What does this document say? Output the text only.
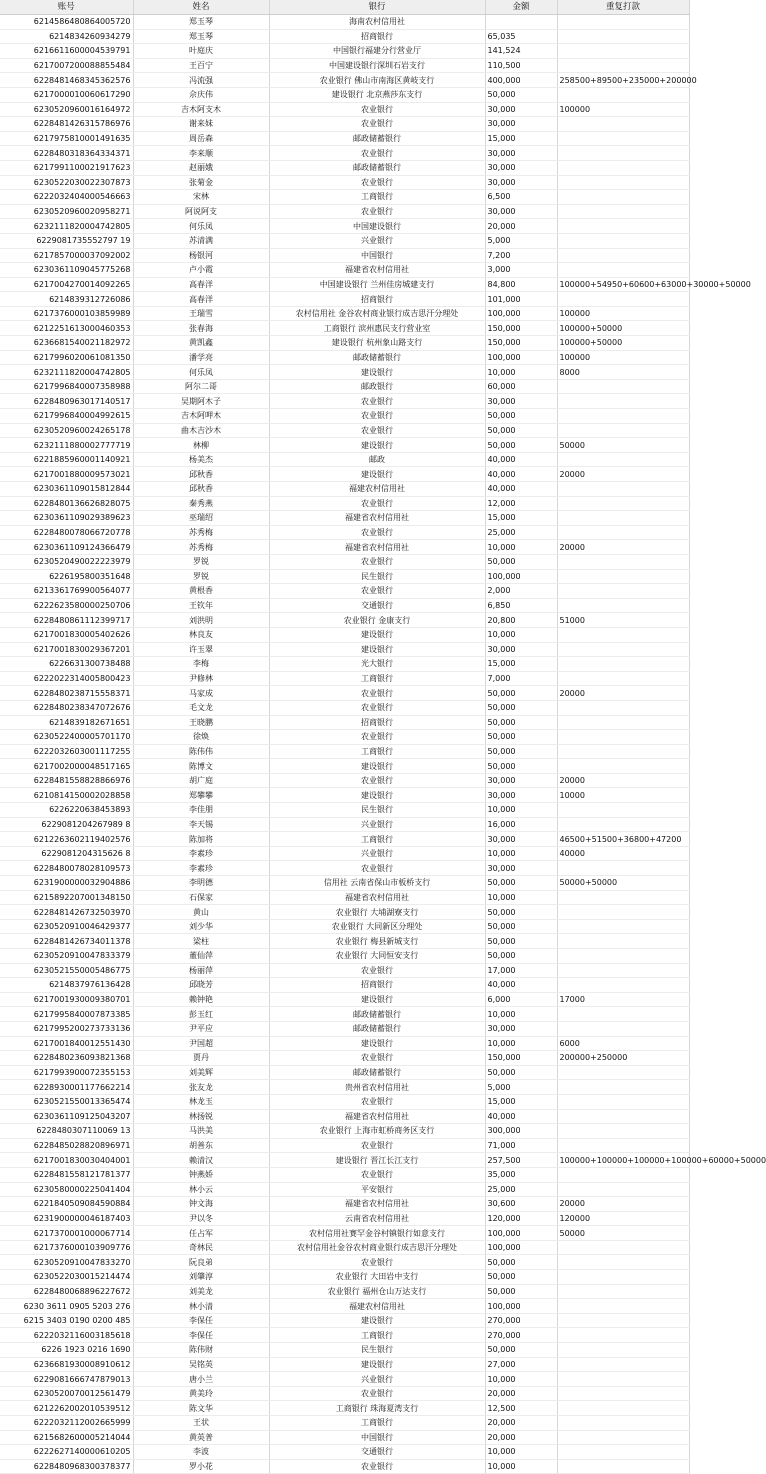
账号	姓名	银行	金额	重复打款
6214586480864005720	郑玉琴	海南农村信用社		
6214834260934279	郑玉琴	招商银行	65,035	
6216611600004539791	叶庭庆	中国银行福建分行营业厅	141,524	
6217007200088855484	王百宁	中国建设银行深圳石岩支行	110,500	
6228481468345362576	冯流强	农业银行 佛山市南海区黄岐支行	400,000	258500+89500+235000+200000
6217000010060617290	佘庆伟	建设银行 北京燕莎东支行	50,000	
6230520960016164972	吉木阿支木	农业银行	30,000	100000
6228481426315786976	谢来妹	农业银行	30,000	
6217975810001491635	周岳森	邮政储蓄银行	15,000	
6228480318364334371	李来顺	农业银行	30,000	
6217991100021917623	赵丽娥	邮政储蓄银行	30,000	
6230522030022307873	张菊金	农业银行	30,000	
6222032404000546663	宋林	工商银行	6,500	
6230520960020958271	阿说阿支	农业银行	30,000	
6232111820004742805	何乐凤	中国建设银行	20,000	
6229081735552797 19	苏清满	兴业银行	5,000	
6217857000037092002	杨银河	中国银行	7,200	
6230361109045775268	卢小霞	福建省农村信用社	3,000	
6217004270014092265	高春洋	中国建设银行 兰州佳房城建支行	84,800	100000+54950+60600+63000+30000+50000
6214839312726086	高春洋	招商银行	101,000	
6217376000103859989	王瑞雪	农村信用社 金谷农村商业银行成吉思汗分理处	100,000	100000
6212251613000460353	张春海	工商银行 滨州惠民支行营业室	150,000	100000+50000
6236681540021182972	黄凯鑫	建设银行 杭州象山路支行	150,000	100000+50000
6217996020061081350	潘学亮	邮政储蓄银行	100,000	100000
6232111820004742805	何乐凤	建设银行	10,000	8000
6217996840007358988	阿尔二哥	邮政银行	60,000	
6228480963017140517	吴期阿木子	农业银行	30,000	
6217996840004992615	吉木阿呷木	农业银行	50,000	
6230520960024265178	曲木吉沙木	农业银行	50,000	
6232111880002777719	林柳	建设银行	50,000	50000
6221885960001140921	杨美杰	邮政	40,000	
6217001880009573021	邱秋香	建设银行	40,000	20000
6230361109015812844	邱秋香	福建农村信用社	40,000	
6228480136626828075	秦秀燕	农业银行	12,000	
6230361109029389623	巫瑞绍	福建省农村信用社	15,000	
6228480078066720778	苏秀梅	农业银行	25,000	
6230361109124366479	苏秀梅	福建省农村信用社	10,000	20000
6230520490022223979	罗锐	农业银行	50,000	
6226195800351648	罗锐	民生银行	100,000	
6213361769900564077	黄根香	农业银行	2,000	
6222623580000250706	王钦年	交通银行	6,850	
6228480861112399717	刘洪明	农业银行 金康支行	20,800	51000
6217001830005402626	林良友	建设银行	10,000	
6217001830029367201	许玉翠	建设银行	30,000	
6226631300738488	李梅	光大银行	15,000	
6222022314005800423	尹修林	工商银行	7,000	
6228480238715558371	马家成	农业银行	50,000	20000
6228480238347072676	毛文龙	农业银行	50,000	
6214839182671651	王晓鹏	招商银行	50,000	
6230522400005701170	徐焕	农业银行	50,000	
6222032603001117255	陈伟伟	工商银行	50,000	
6217002000048517165	陈博文	建设银行	50,000	
6228481558828866976	胡广庭	农业银行	30,000	20000
6210814150002028858	郑攀攀	建设银行	30,000	10000
6226220638453893	李佳朋	民生银行	10,000	
6229081204267989 8	李天锡	兴业银行	16,000	
6212263602119402576	陈加将	工商银行	30,000	46500+51500+36800+47200
6229081204315626 8	李素珍	兴业银行	10,000	40000
6228480078028109573	李素珍	农业银行	30,000	
6231900000032904886	李明德	信用社 云南省保山市板桥支行	50,000	50000+50000
6215892207001348150	石保家	福建省农村信用社	10,000	
6228481426732503970	黄山	农业银行 大埔湖寮支行	50,000	
6230520910046429377	刘少华	农业银行 大同新区分理处	50,000	
6228481426734011378	梁柱	农业银行 梅县新城支行	50,000	
6230520910047833379	董仙萍	农业银行 大同恒安支行	50,000	
6230521550005486775	杨丽萍	农业银行	17,000	
6214837976136428	邱晓芳	招商银行	40,000	
6217001930009380701	赖钟艳	建设银行	6,000	17000
6217995840007873385	彭玉红	邮政储蓄银行	10,000	
6217995200273733136	尹平应	邮政储蓄银行	30,000	
6217001840012551430	尹国超	建设银行	10,000	6000
6228480236093821368	贾丹	农业银行	150,000	200000+250000
6217993900072355153	刘美辉	邮政储蓄银行	50,000	
6228930001177662214	张友龙	贵州省农村信用社	5,000	
6230521550013365474	林龙玉	农业银行	15,000	
6230361109125043207	林扬锐	福建省农村信用社	40,000	
6228480307110069 13	马洪美	农业银行 上海市虹桥商务区支行	300,000	
6228485028820896971	胡善东	农业银行	71,000	
6217001830030404001	赖清汉	建设银行 晋江长江支行	257,500	100000+100000+100000+100000+60000+50000
6228481558121781377	钟燕娇	农业银行	35,000	
6230580000225041404	林小云	平安银行	25,000	
6221840509084590884	钟文海	福建省农村信用社	30,600	20000
6231900000046187403	尹以冬	云南省农村信用社	120,000	120000
6217370001000067714	任占军	农村信用社赛罕金谷村镇银行如意支行	100,000	50000
6217376000103909776	奇林民	农村信用社金谷农村商业银行成吉思汗分理处	100,000	
6230520910047833270	阮良弟	农业银行	50,000	
6230522030015214474	刘肇淳	农业银行 大田岩中支行	50,000	
6228480068896227672	刘美龙	农业银行 福州仓山万达支行	50,000	
6230 3611 0905 5203 276	林小清	福建农村信用社	100,000	
6215 3403 0190 0200 485	李保任	建设银行	270,000	
6222032116003185618	李保任	工商银行	270,000	
6226 1923 0216 1690	陈伟财	民生银行	50,000	
6236681930008910612	吴铭英	建设银行	27,000	
6229081666747879013	唐小兰	兴业银行	10,000	
6230520070012561479	黄美玲	农业银行	20,000	
6212262002010539512	陈文华	工商银行 珠海夏湾支行	12,500	
6222032112002665999	王状	工商银行	20,000	
6215682600005214044	黄英普	中国银行	20,000	
6222627140000610205	李波	交通银行	10,000	
6228480968300378377	罗小花	农业银行	10,000	
